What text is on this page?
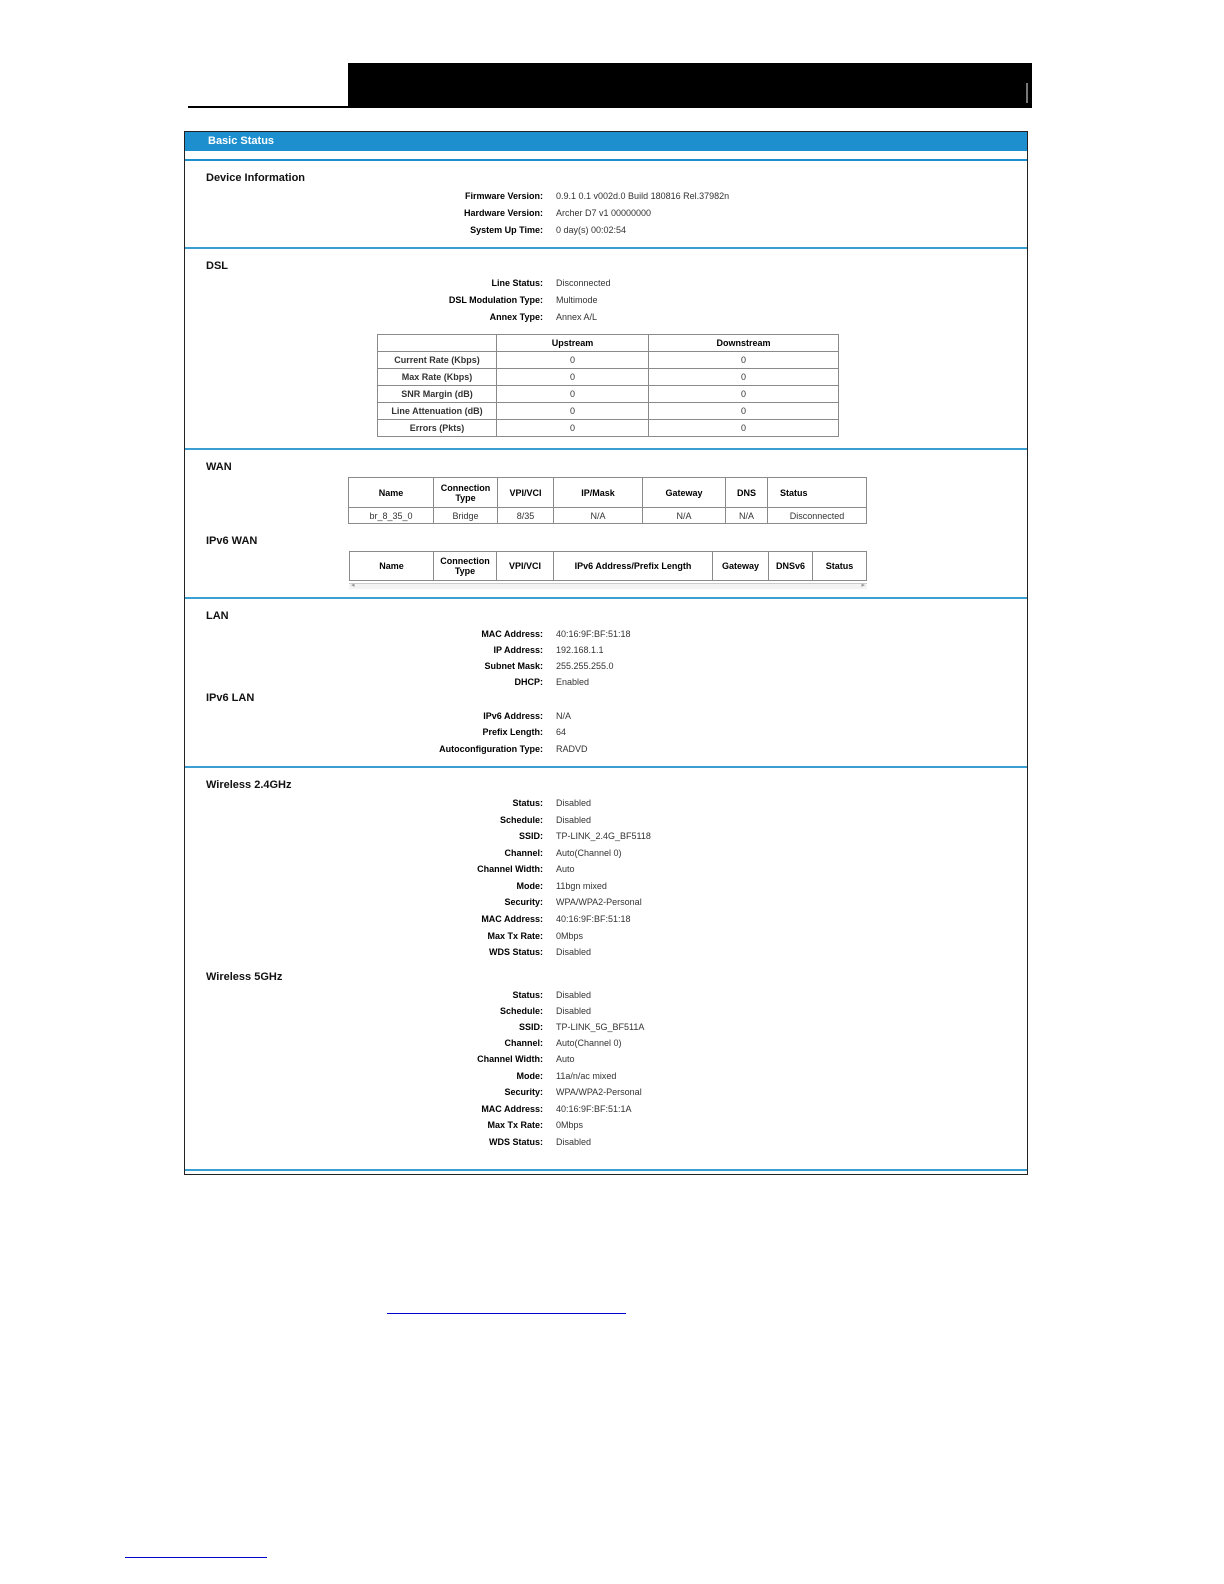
Basic Status
Device Information
Firmware Version: 0.9.1 0.1 v002d.0 Build 180816 Rel.37982n
Hardware Version: Archer D7 v1 00000000
System Up Time: 0 day(s) 00:02:54
DSL
Line Status: Disconnected
DSL Modulation Type: Multimode
Annex Type: Annex A/L
	Upstream	Downstream
Current Rate (Kbps)	0	0
Max Rate (Kbps)	0	0
SNR Margin (dB)	0	0
Line Attenuation (dB)	0	0
Errors (Pkts)	0	0
WAN
Name	Connection Type	VPI/VCI	IP/Mask	Gateway	DNS	Status
br_8_35_0	Bridge	8/35	N/A	N/A	N/A	Disconnected
IPv6 WAN
Name	Connection Type	VPI/VCI	IPv6 Address/Prefix Length	Gateway	DNSv6	Status
◂	▸
LAN
MAC Address: 40:16:9F:BF:51:18
IP Address: 192.168.1.1
Subnet Mask: 255.255.255.0
DHCP: Enabled
IPv6 LAN
IPv6 Address: N/A
Prefix Length: 64
Autoconfiguration Type: RADVD
Wireless 2.4GHz
Status: Disabled
Schedule: Disabled
SSID: TP-LINK_2.4G_BF5118
Channel: Auto(Channel 0)
Channel Width: Auto
Mode: 11bgn mixed
Security: WPA/WPA2-Personal
MAC Address: 40:16:9F:BF:51:18
Max Tx Rate: 0Mbps
WDS Status: Disabled
Wireless 5GHz
Status: Disabled
Schedule: Disabled
SSID: TP-LINK_5G_BF511A
Channel: Auto(Channel 0)
Channel Width: Auto
Mode: 11a/n/ac mixed
Security: WPA/WPA2-Personal
MAC Address: 40:16:9F:BF:51:1A
Max Tx Rate: 0Mbps
WDS Status: Disabled
